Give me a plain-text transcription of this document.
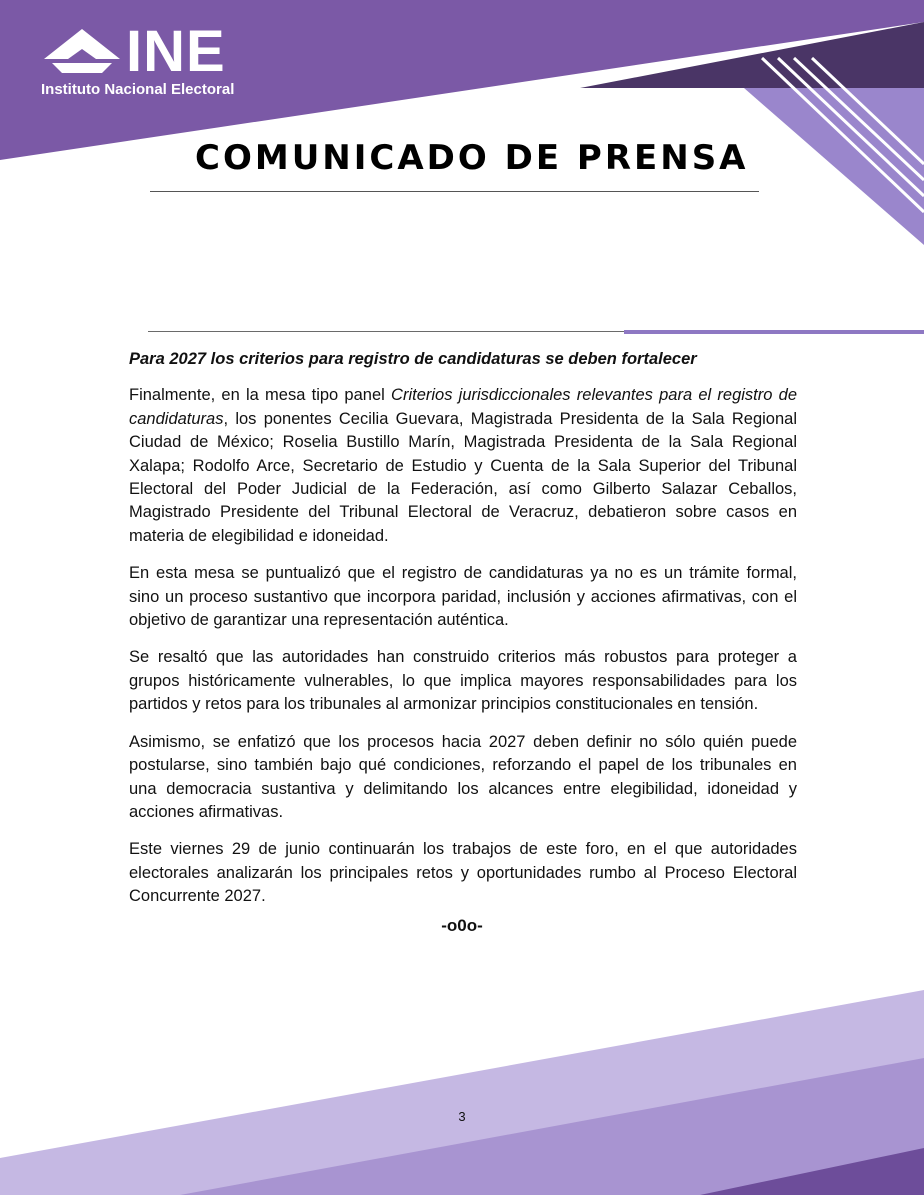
INE
Instituto Nacional Electoral
COMUNICADO DE PRENSA

Para 2027 los criterios para registro de candidaturas se deben fortalecer

Finalmente, en la mesa tipo panel Criterios jurisdiccionales relevantes para el registro de candidaturas, los ponentes Cecilia Guevara, Magistrada Presidenta de la Sala Regional Ciudad de México; Roselia Bustillo Marín, Magistrada Presidenta de la Sala Regional Xalapa; Rodolfo Arce, Secretario de Estudio y Cuenta de la Sala Superior del Tribunal Electoral del Poder Judicial de la Federación, así como Gilberto Salazar Ceballos, Magistrado Presidente del Tribunal Electoral de Veracruz, debatieron sobre casos en materia de elegibilidad e idoneidad.

En esta mesa se puntualizó que el registro de candidaturas ya no es un trámite formal, sino un proceso sustantivo que incorpora paridad, inclusión y acciones afirmativas, con el objetivo de garantizar una representación auténtica.

Se resaltó que las autoridades han construido criterios más robustos para proteger a grupos históricamente vulnerables, lo que implica mayores responsabilidades para los partidos y retos para los tribunales al armonizar principios constitucionales en tensión.

Asimismo, se enfatizó que los procesos hacia 2027 deben definir no sólo quién puede postularse, sino también bajo qué condiciones, reforzando el papel de los tribunales en una democracia sustantiva y delimitando los alcances entre elegibilidad, idoneidad y acciones afirmativas.

Este viernes 29 de junio continuarán los trabajos de este foro, en el que autoridades electorales analizarán los principales retos y oportunidades rumbo al Proceso Electoral Concurrente 2027.

-o0o-
3
